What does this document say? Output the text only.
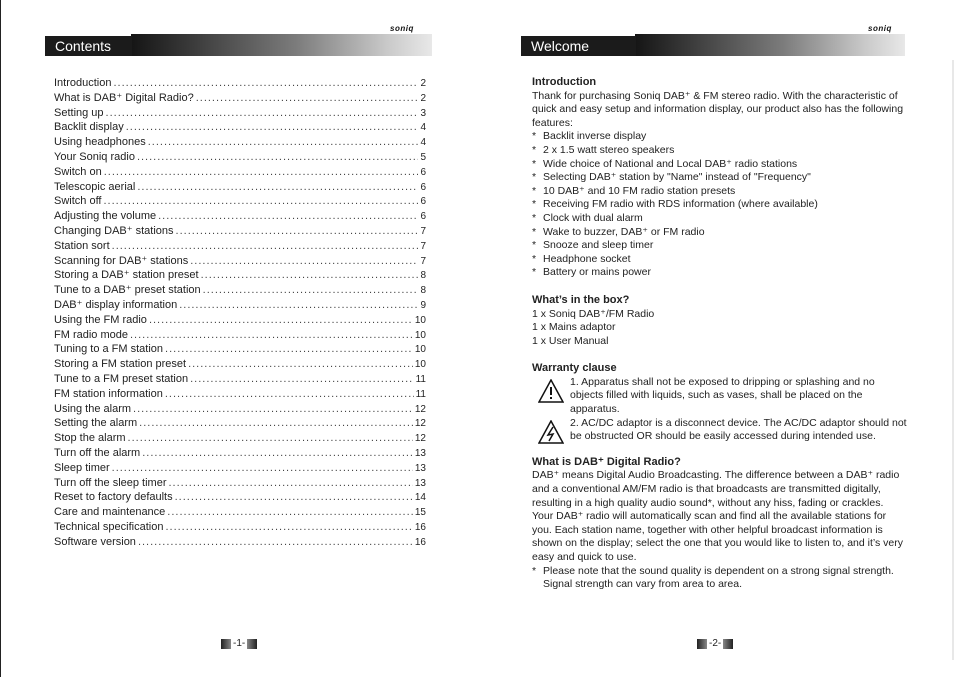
soniq
Contents
Introduction .....	2
What is DAB⁺ Digital Radio? .....	2
Setting up .....	3
Backlit display .....	4
Using headphones .....	4
Your Soniq radio .....	5
Switch on .....	6
Telescopic aerial .....	6
Switch off .....	6
Adjusting the volume .....	6
Changing DAB⁺ stations .....	7
Station sort .....	7
Scanning for DAB⁺ stations .....	7
Storing a DAB⁺ station preset .....	8
Tune to a DAB⁺ preset station .....	8
DAB⁺ display information .....	9
Using the FM radio .....	10
FM radio mode .....	10
Tuning to a FM station .....	10
Storing a FM station preset .....	10
Tune to a FM preset station .....	11
FM station information .....	11
Using the alarm .....	12
Setting the alarm .....	12
Stop the alarm .....	12
Turn off the alarm .....	13
Sleep timer .....	13
Turn off the sleep timer .....	13
Reset to factory defaults .....	14
Care and maintenance .....	15
Technical specification .....	16
Software version .....	16
-1-
soniq
Welcome

Introduction

Thank for purchasing Soniq DAB⁺ & FM stereo radio. With the characteristic of quick and easy setup and information display, our product also has the following features:

* Backlit inverse display
* 2 x 1.5 watt stereo speakers
* Wide choice of National and Local DAB⁺ radio stations
* Selecting DAB⁺ station by "Name" instead of "Frequency"
* 10 DAB⁺ and 10 FM radio station presets
* Receiving FM radio with RDS information (where available)
* Clock with dual alarm
* Wake to buzzer, DAB⁺ or FM radio
* Snooze and sleep timer
* Headphone socket
* Battery or mains power

What’s in the box?

1 x Soniq DAB⁺/FM Radio
1 x Mains adaptor
1 x User Manual

Warranty clause

1. Apparatus shall not be exposed to dripping or splashing and no objects filled with liquids, such as vases, shall be placed on the apparatus.
2. AC/DC adaptor is a disconnect device. The AC/DC adaptor should not be obstructed OR should be easily accessed during intended use.

What is DAB⁺ Digital Radio?

DAB⁺ means Digital Audio Broadcasting. The difference between a DAB⁺ radio and a conventional AM/FM radio is that broadcasts are transmitted digitally, resulting in a high quality audio sound*, without any hiss, fading or crackles.

Your DAB⁺ radio will automatically scan and find all the available stations for you. Each station name, together with other helpful broadcast information is shown on the display; select the one that you would like to listen to, and it’s very easy and quick to use.

* Please note that the sound quality is dependent on a strong signal strength. Signal strength can vary from area to area.
-2-
